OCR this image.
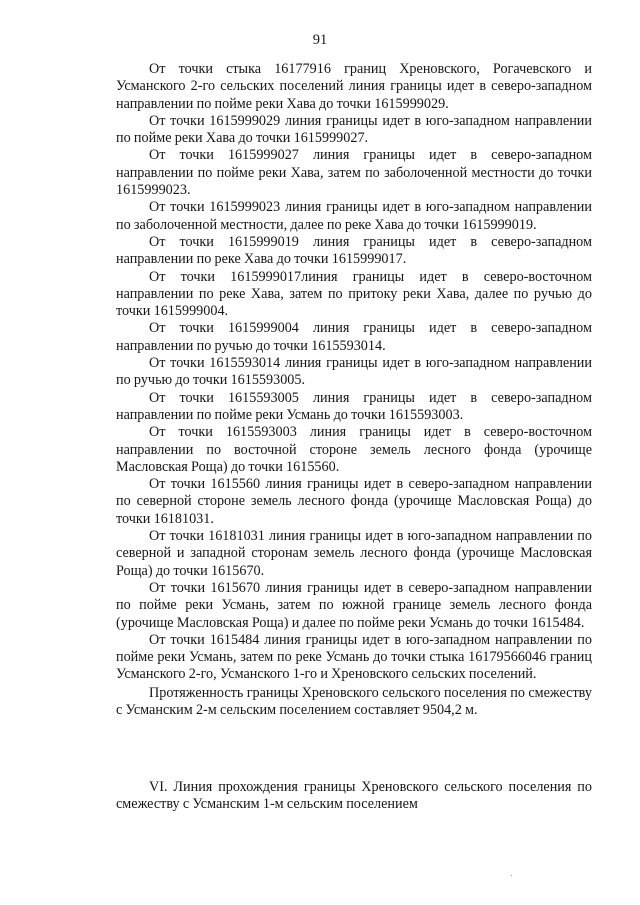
91

От точки стыка 16177916 границ Хреновского, Рогачевского и Усманского 2-го сельских поселений линия границы идет в северо-западном направлении по пойме реки Хава до точки 1615999029.

От точки 1615999029 линия границы идет в юго-западном направлении по пойме реки Хава до точки 1615999027.

От точки 1615999027 линия границы идет в северо-западном направлении по пойме реки Хава, затем по заболоченной местности до точки 1615999023.

От точки 1615999023 линия границы идет в юго-западном направлении по заболоченной местности, далее по реке Хава до точки 1615999019.

От точки 1615999019 линия границы идет в северо-западном направлении по реке Хава до точки 1615999017.

От точки 1615999017линия границы идет в северо-восточном направлении по реке Хава, затем по притоку реки Хава, далее по ручью до точки 1615999004.

От точки 1615999004 линия границы идет в северо-западном направлении по ручью до точки 1615593014.

От точки 1615593014 линия границы идет в юго-западном направлении по ручью до точки 1615593005.

От точки 1615593005 линия границы идет в северо-западном направлении по пойме реки Усмань до точки 1615593003.

От точки 1615593003 линия границы идет в северо-восточном направлении по восточной стороне земель лесного фонда (урочище Масловская Роща) до точки 1615560.

От точки 1615560 линия границы идет в северо-западном направлении по северной стороне земель лесного фонда (урочище Масловская Роща) до точки 16181031.

От точки 16181031 линия границы идет в юго-западном направлении по северной и западной сторонам земель лесного фонда (урочище Масловская Роща) до точки 1615670.

От точки 1615670 линия границы идет в северо-западном направлении по пойме реки Усмань, затем по южной границе земель лесного фонда (урочище Масловская Роща) и далее по пойме реки Усмань до точки 1615484.

От точки 1615484 линия границы идет в юго-западном направлении по пойме реки Усмань, затем по реке Усмань до точки стыка 16179566046 границ Усманского 2-го, Усманского 1-го и Хреновского сельских поселений.

Протяженность границы Хреновского сельского поселения по смежеству с Усманским 2-м сельским поселением составляет 9504,2 м.

VI. Линия прохождения границы Хреновского сельского поселения по смежеству с Усманским 1-м сельским поселением
